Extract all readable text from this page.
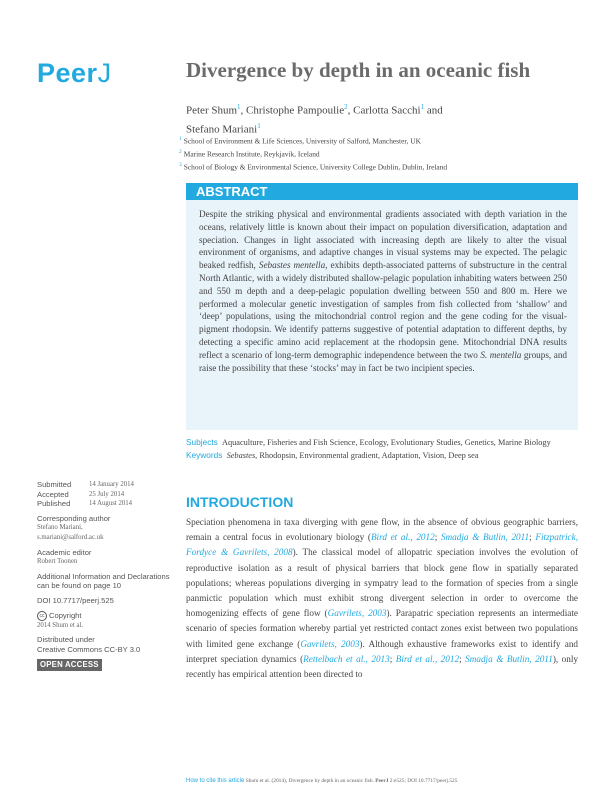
PeerJ	Divergence by depth in an oceanic fish
Peter Shum$^1$, Christophe Pampoulie$^2$, Carlotta Sacchi$^1$ and
Stefano Mariani$^1$
$^1$ School of Environment & Life Sciences, University of Salford, Manchester, UK
$^2$ Marine Research Institute, Reykjavík, Iceland
$^3$ School of Biology & Environmental Science, University College Dublin, Dublin, Ireland
ABSTRACT
Despite the striking physical and environmental gradients associated with depth variation in the oceans, relatively little is known about their impact on population diversification, adaptation and speciation. Changes in light associated with increasing depth are likely to alter the visual environment of organisms, and adaptive changes in visual systems may be expected. The pelagic beaked redfish, Sebastes mentella, exhibits depth-associated patterns of substructure in the central North Atlantic, with a widely distributed shallow-pelagic population inhabiting waters between 250 and 550 m depth and a deep-pelagic population dwelling between 550 and 800 m. Here we performed a molecular genetic investigation of samples from fish collected from ‘shallow’ and ‘deep’ populations, using the mitochondrial control region and the gene coding for the visual-pigment rhodopsin. We identify patterns suggestive of potential adaptation to different depths, by detecting a specific amino acid replacement at the rhodopsin gene. Mitochondrial DNA results reflect a scenario of long-term demographic independence between the two S. mentella groups, and raise the possibility that these ‘stocks’ may in fact be two incipient species.
Subjects Aquaculture, Fisheries and Fish Science, Ecology, Evolutionary Studies, Genetics, Marine Biology
Keywords Sebastes, Rhodopsin, Environmental gradient, Adaptation, Vision, Deep sea
Submitted	14 January 2014
Accepted	25 July 2014
Published	14 August 2014
Corresponding author
Stefano Mariani,
s.mariani@salford.ac.uk
Academic editor
Robert Toonen
Additional Information and Declarations can be found on page 10
DOI 10.7717/peerj.525
cc Copyright
2014 Shum et al.
Distributed under
Creative Commons CC-BY 3.0
OPEN ACCESS
INTRODUCTION
Speciation phenomena in taxa diverging with gene flow, in the absence of obvious geographic barriers, remain a central focus in evolutionary biology (Bird et al., 2012; Smadja & Butlin, 2011; Fitzpatrick, Fordyce & Gavrilets, 2008). The classical model of allopatric speciation involves the evolution of reproductive isolation as a result of physical barriers that block gene flow in spatially separated populations; whereas populations diverging in sympatry lead to the formation of species from a single panmictic population which must exhibit strong divergent selection in order to overcome the homogenizing effects of gene flow (Gavrilets, 2003). Parapatric speciation represents an intermediate scenario of species formation whereby partial yet restricted contact zones exist between two populations with limited gene exchange (Gavrilets, 2003). Although exhaustive frameworks exist to identify and interpret speciation dynamics (Rettelbach et al., 2013; Bird et al., 2012; Smadja & Butlin, 2011), only recently has empirical attention been directed to
How to cite this article Shum et al. (2014), Divergence by depth in an oceanic fish. PeerJ 2:e525; DOI 10.7717/peerj.525
